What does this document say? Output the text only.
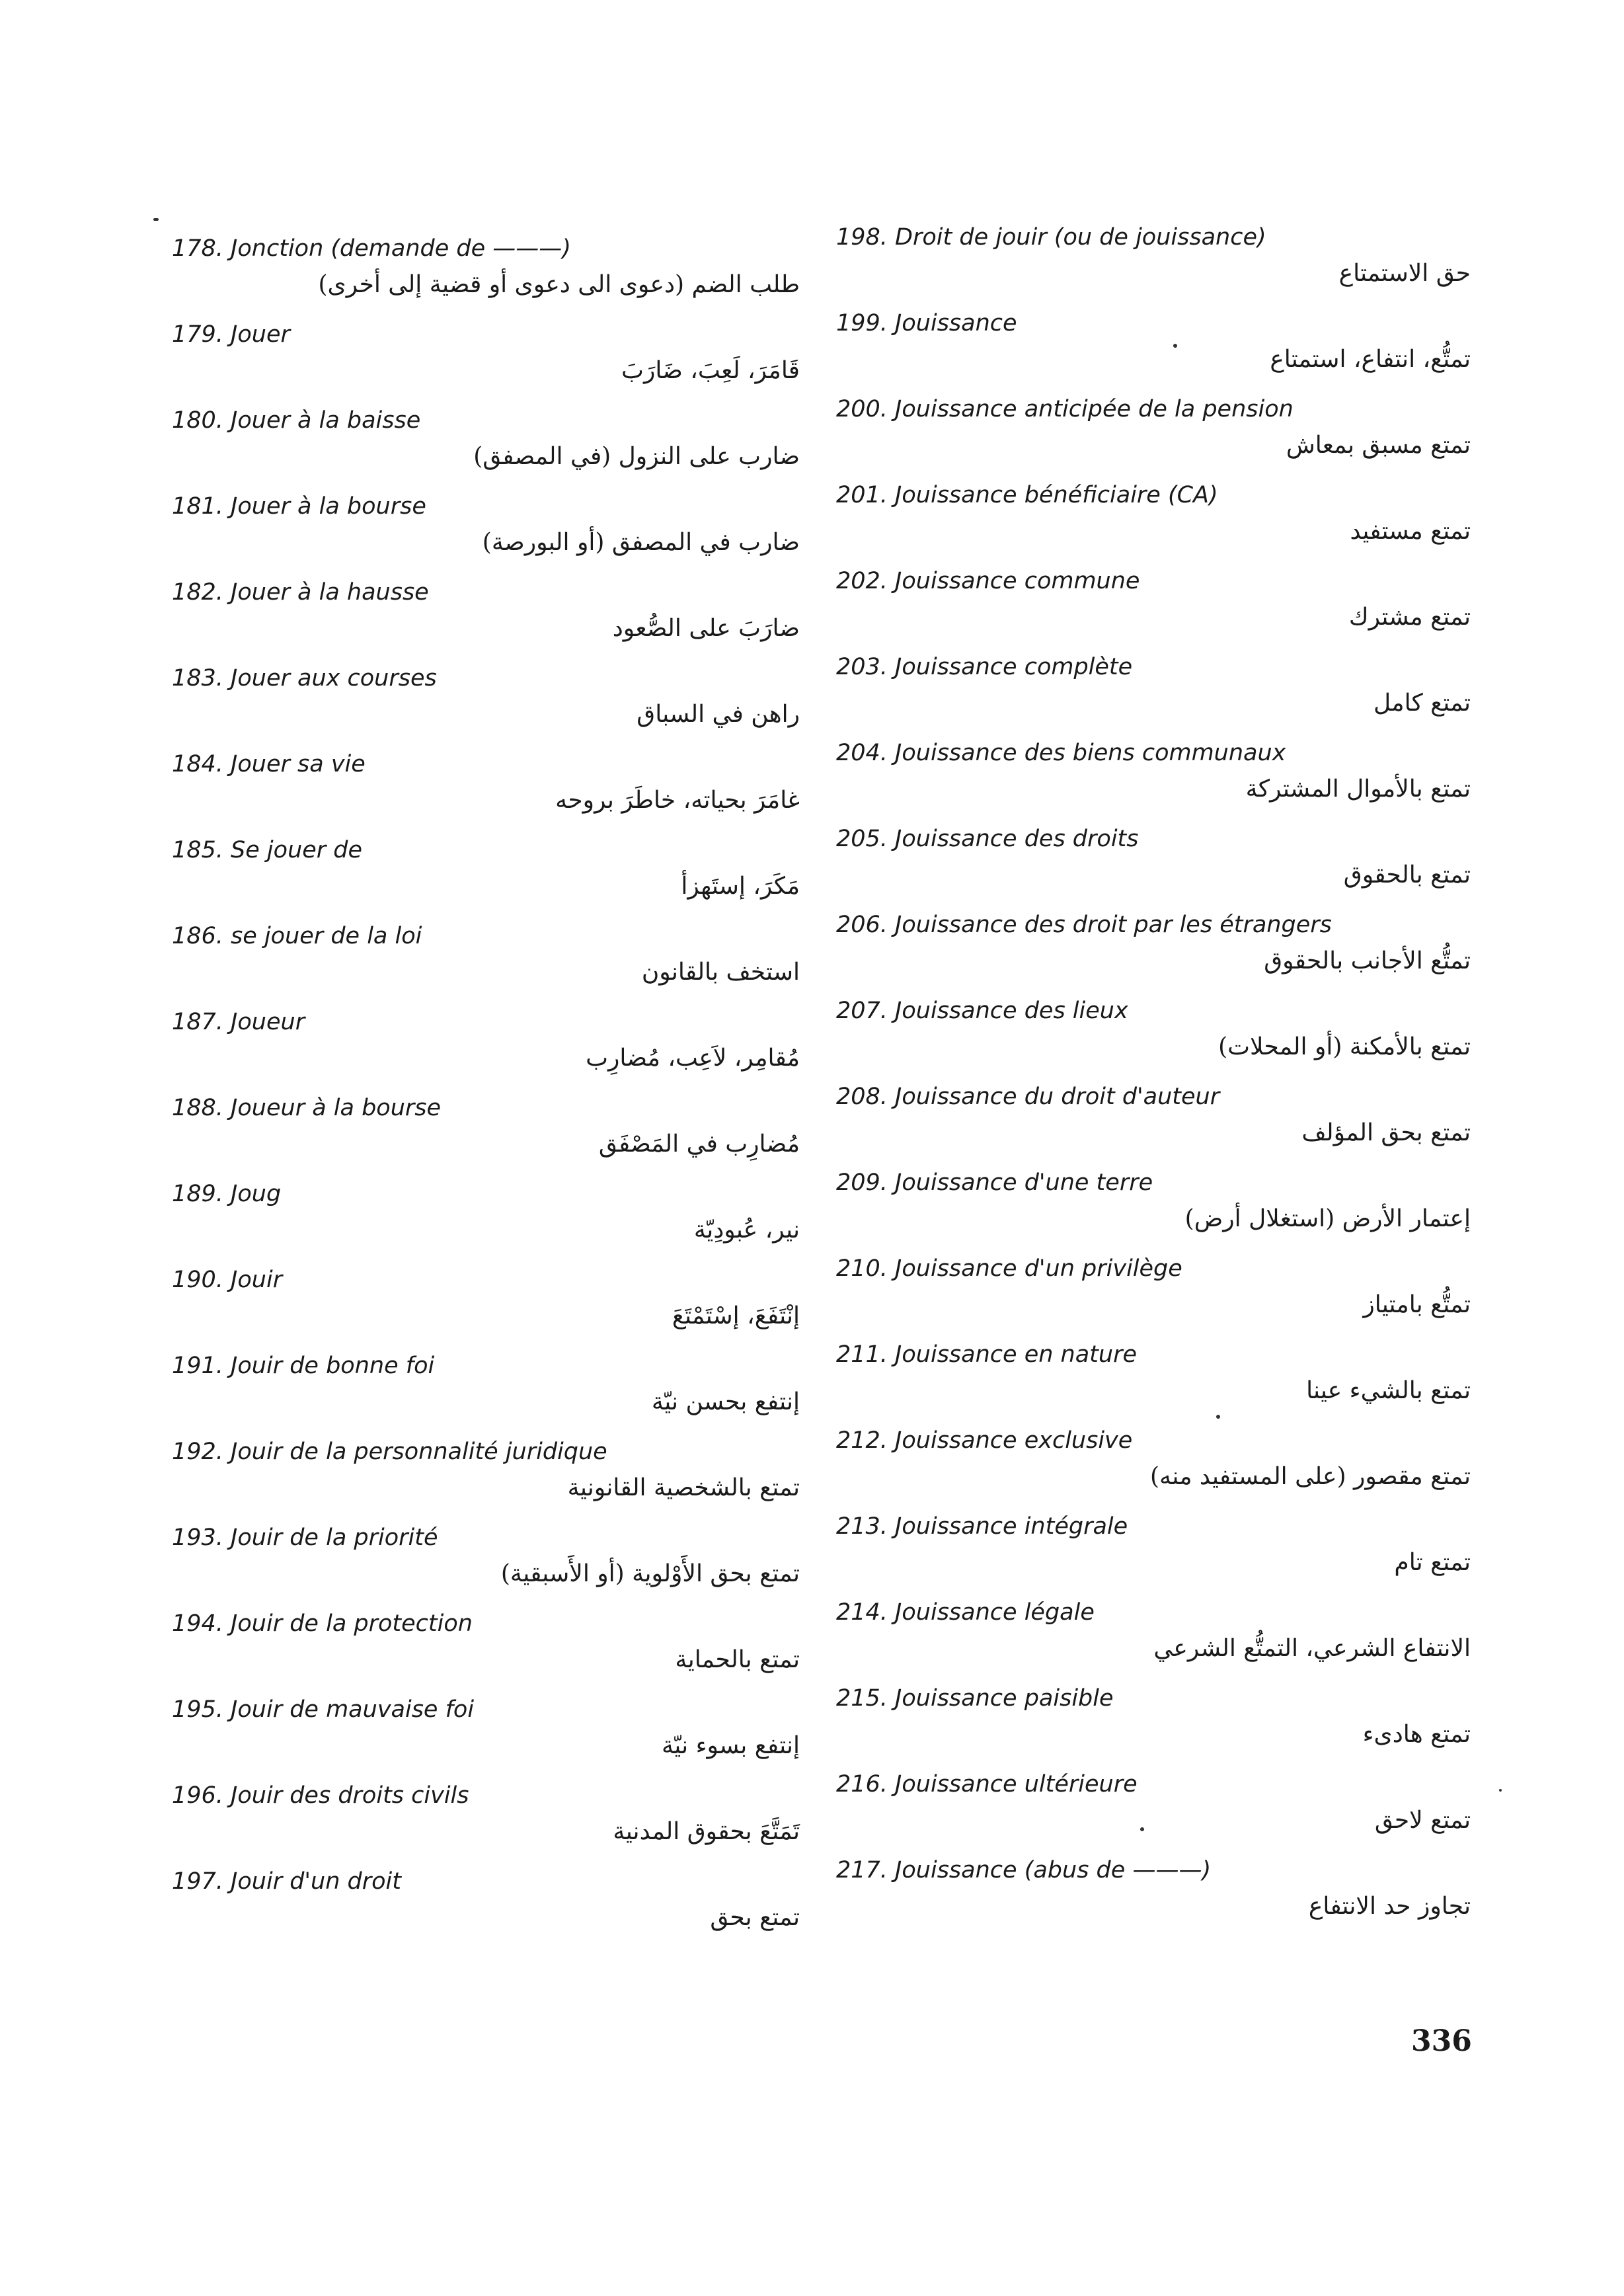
178. Jonction (demande de ———)
طلب الضم (دعوى الى دعوى أو قضية إلى أخرى)
179. Jouer
قَامَرَ، لَعِبَ، ضَارَبَ
180. Jouer à la baisse
ضارب على النزول (في المصفق)
181. Jouer à la bourse
ضارب في المصفق (أو البورصة)
182. Jouer à la hausse
ضارَبَ على الصُّعود
183. Jouer aux courses
راهن في السباق
184. Jouer sa vie
غامَرَ بحياته، خاطَرَ بروحه
185. Se jouer de
مَكَرَ، إستَهزأ
186. se jouer de la loi
استخف بالقانون
187. Joueur
مُقامِر، لاَعِب، مُضارِب
188. Joueur à la bourse
مُضارِب في المَصْفَق
189. Joug
نير، عُبودِيّة
190. Jouir
إنْتَفَعَ، إسْتَمْتَعَ
191. Jouir de bonne foi
إنتفع بحسن نيّة
192. Jouir de la personnalité juridique
تمتع بالشخصية القانونية
193. Jouir de la priorité
تمتع بحق الأَوْلوية (أو الأَسبقية)
194. Jouir de la protection
تمتع بالحماية
195. Jouir de mauvaise foi
إنتفع بسوء نيّة
196. Jouir des droits civils
تَمَتَّعَ بحقوق المدنية
197. Jouir d'un droit
تمتع بحق
198. Droit de jouir (ou de jouissance)
حق الاستمتاع
199. Jouissance
تمتُّع، انتفاع، استمتاع
200. Jouissance anticipée de la pension
تمتع مسبق بمعاش
201. Jouissance bénéficiaire (CA)
تمتع مستفيد
202. Jouissance commune
تمتع مشترك
203. Jouissance complète
تمتع كامل
204. Jouissance des biens communaux
تمتع بالأموال المشتركة
205. Jouissance des droits
تمتع بالحقوق
206. Jouissance des droit par les étrangers
تمتُّع الأجانب بالحقوق
207. Jouissance des lieux
تمتع بالأمكنة (أو المحلات)
208. Jouissance du droit d'auteur
تمتع بحق المؤلف
209. Jouissance d'une terre
إعتمار الأرض (استغلال أرض)
210. Jouissance d'un privilège
تمتُّع بامتياز
211. Jouissance en nature
تمتع بالشيء عينا
212. Jouissance exclusive
تمتع مقصور (على المستفيد منه)
213. Jouissance intégrale
تمتع تام
214. Jouissance légale
الانتفاع الشرعي، التمتُّع الشرعي
215. Jouissance paisible
تمتع هادىء
216. Jouissance ultérieure
تمتع لاحق
217. Jouissance (abus de ———)
تجاوز حد الانتفاع
336
